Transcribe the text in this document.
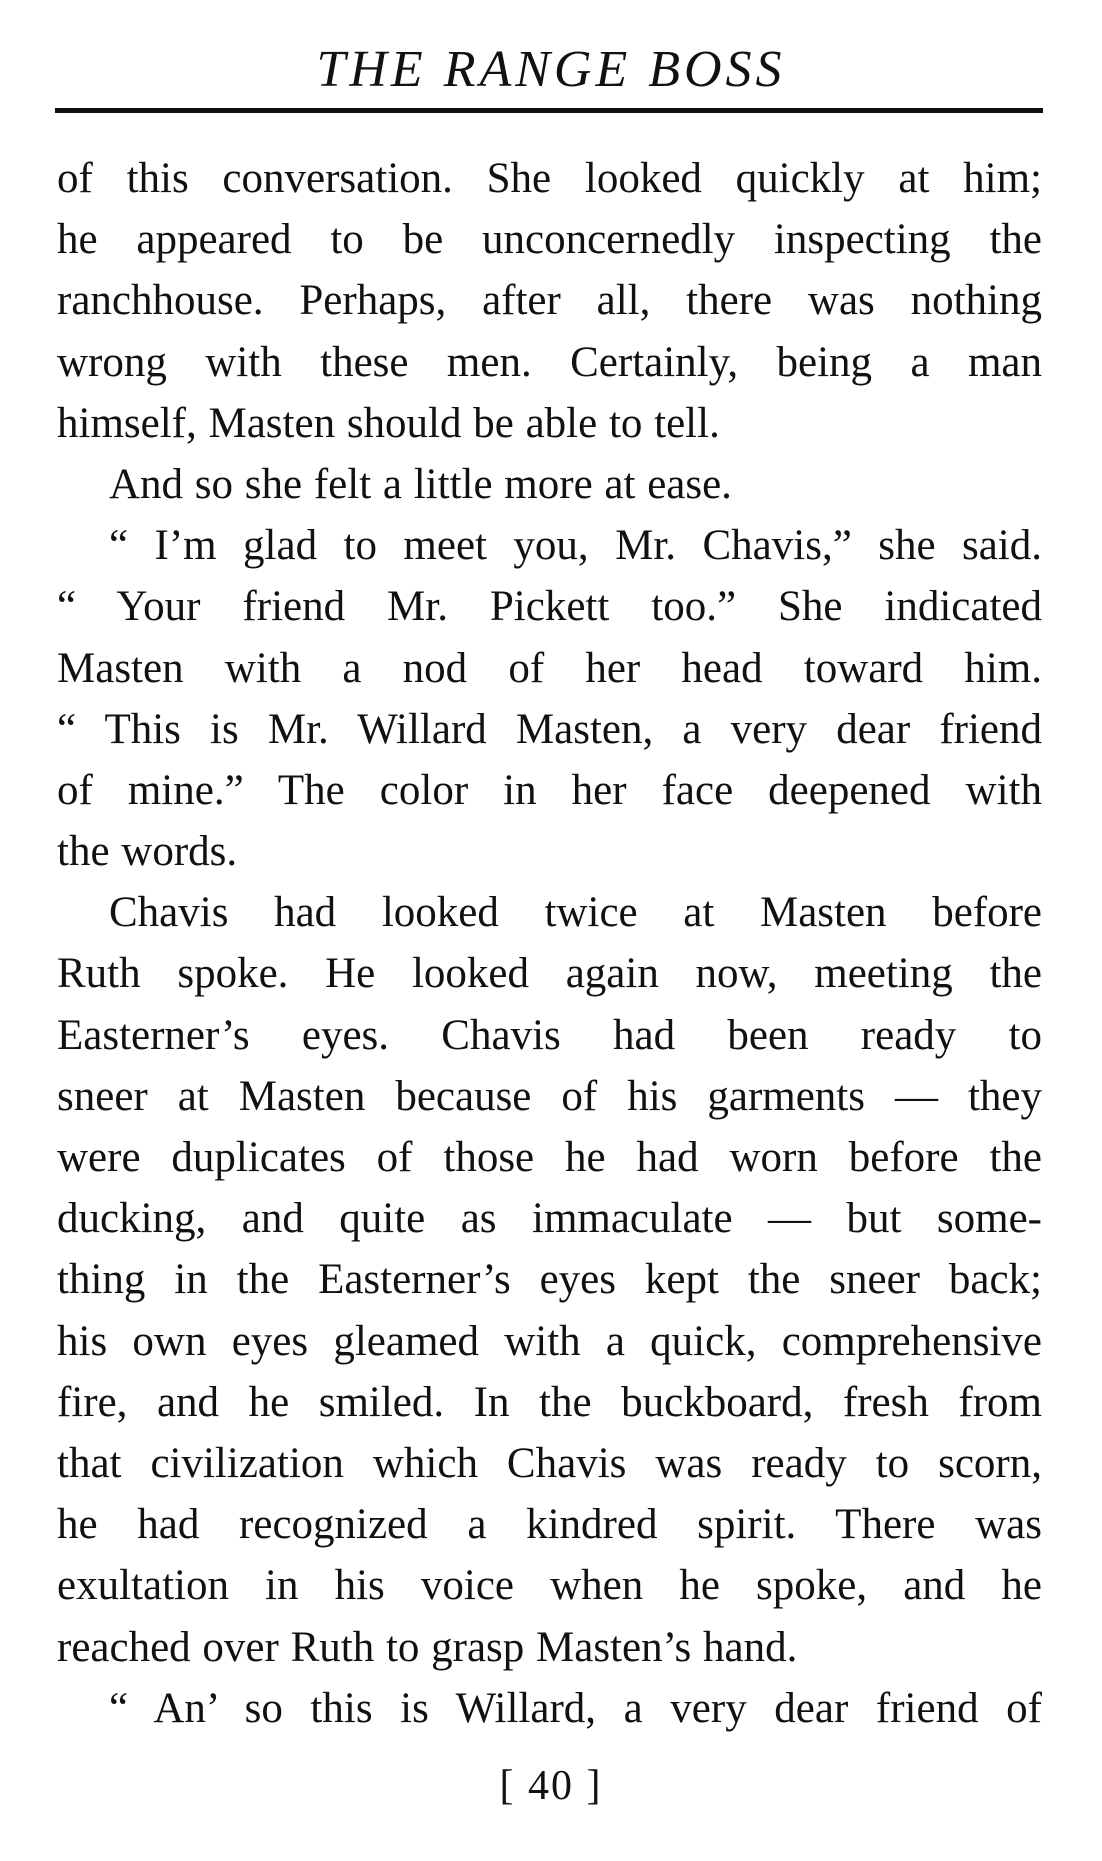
THE RANGE BOSS
of this conversation. She looked quickly at him;
he appeared to be unconcernedly inspecting the
ranchhouse. Perhaps, after all, there was nothing
wrong with these men. Certainly, being a man
himself, Masten should be able to tell.
And so she felt a little more at ease.
“ I’m glad to meet you, Mr. Chavis,” she said.
“ Your friend Mr. Pickett too.” She indicated
Masten with a nod of her head toward him.
“ This is Mr. Willard Masten, a very dear friend
of mine.” The color in her face deepened with
the words.
Chavis had looked twice at Masten before
Ruth spoke. He looked again now, meeting the
Easterner’s eyes. Chavis had been ready to
sneer at Masten because of his garments — they
were duplicates of those he had worn before the
ducking, and quite as immaculate — but some-
thing in the Easterner’s eyes kept the sneer back;
his own eyes gleamed with a quick, comprehensive
fire, and he smiled. In the buckboard, fresh from
that civilization which Chavis was ready to scorn,
he had recognized a kindred spirit. There was
exultation in his voice when he spoke, and he
reached over Ruth to grasp Masten’s hand.
“ An’ so this is Willard, a very dear friend of
[ 40 ]
